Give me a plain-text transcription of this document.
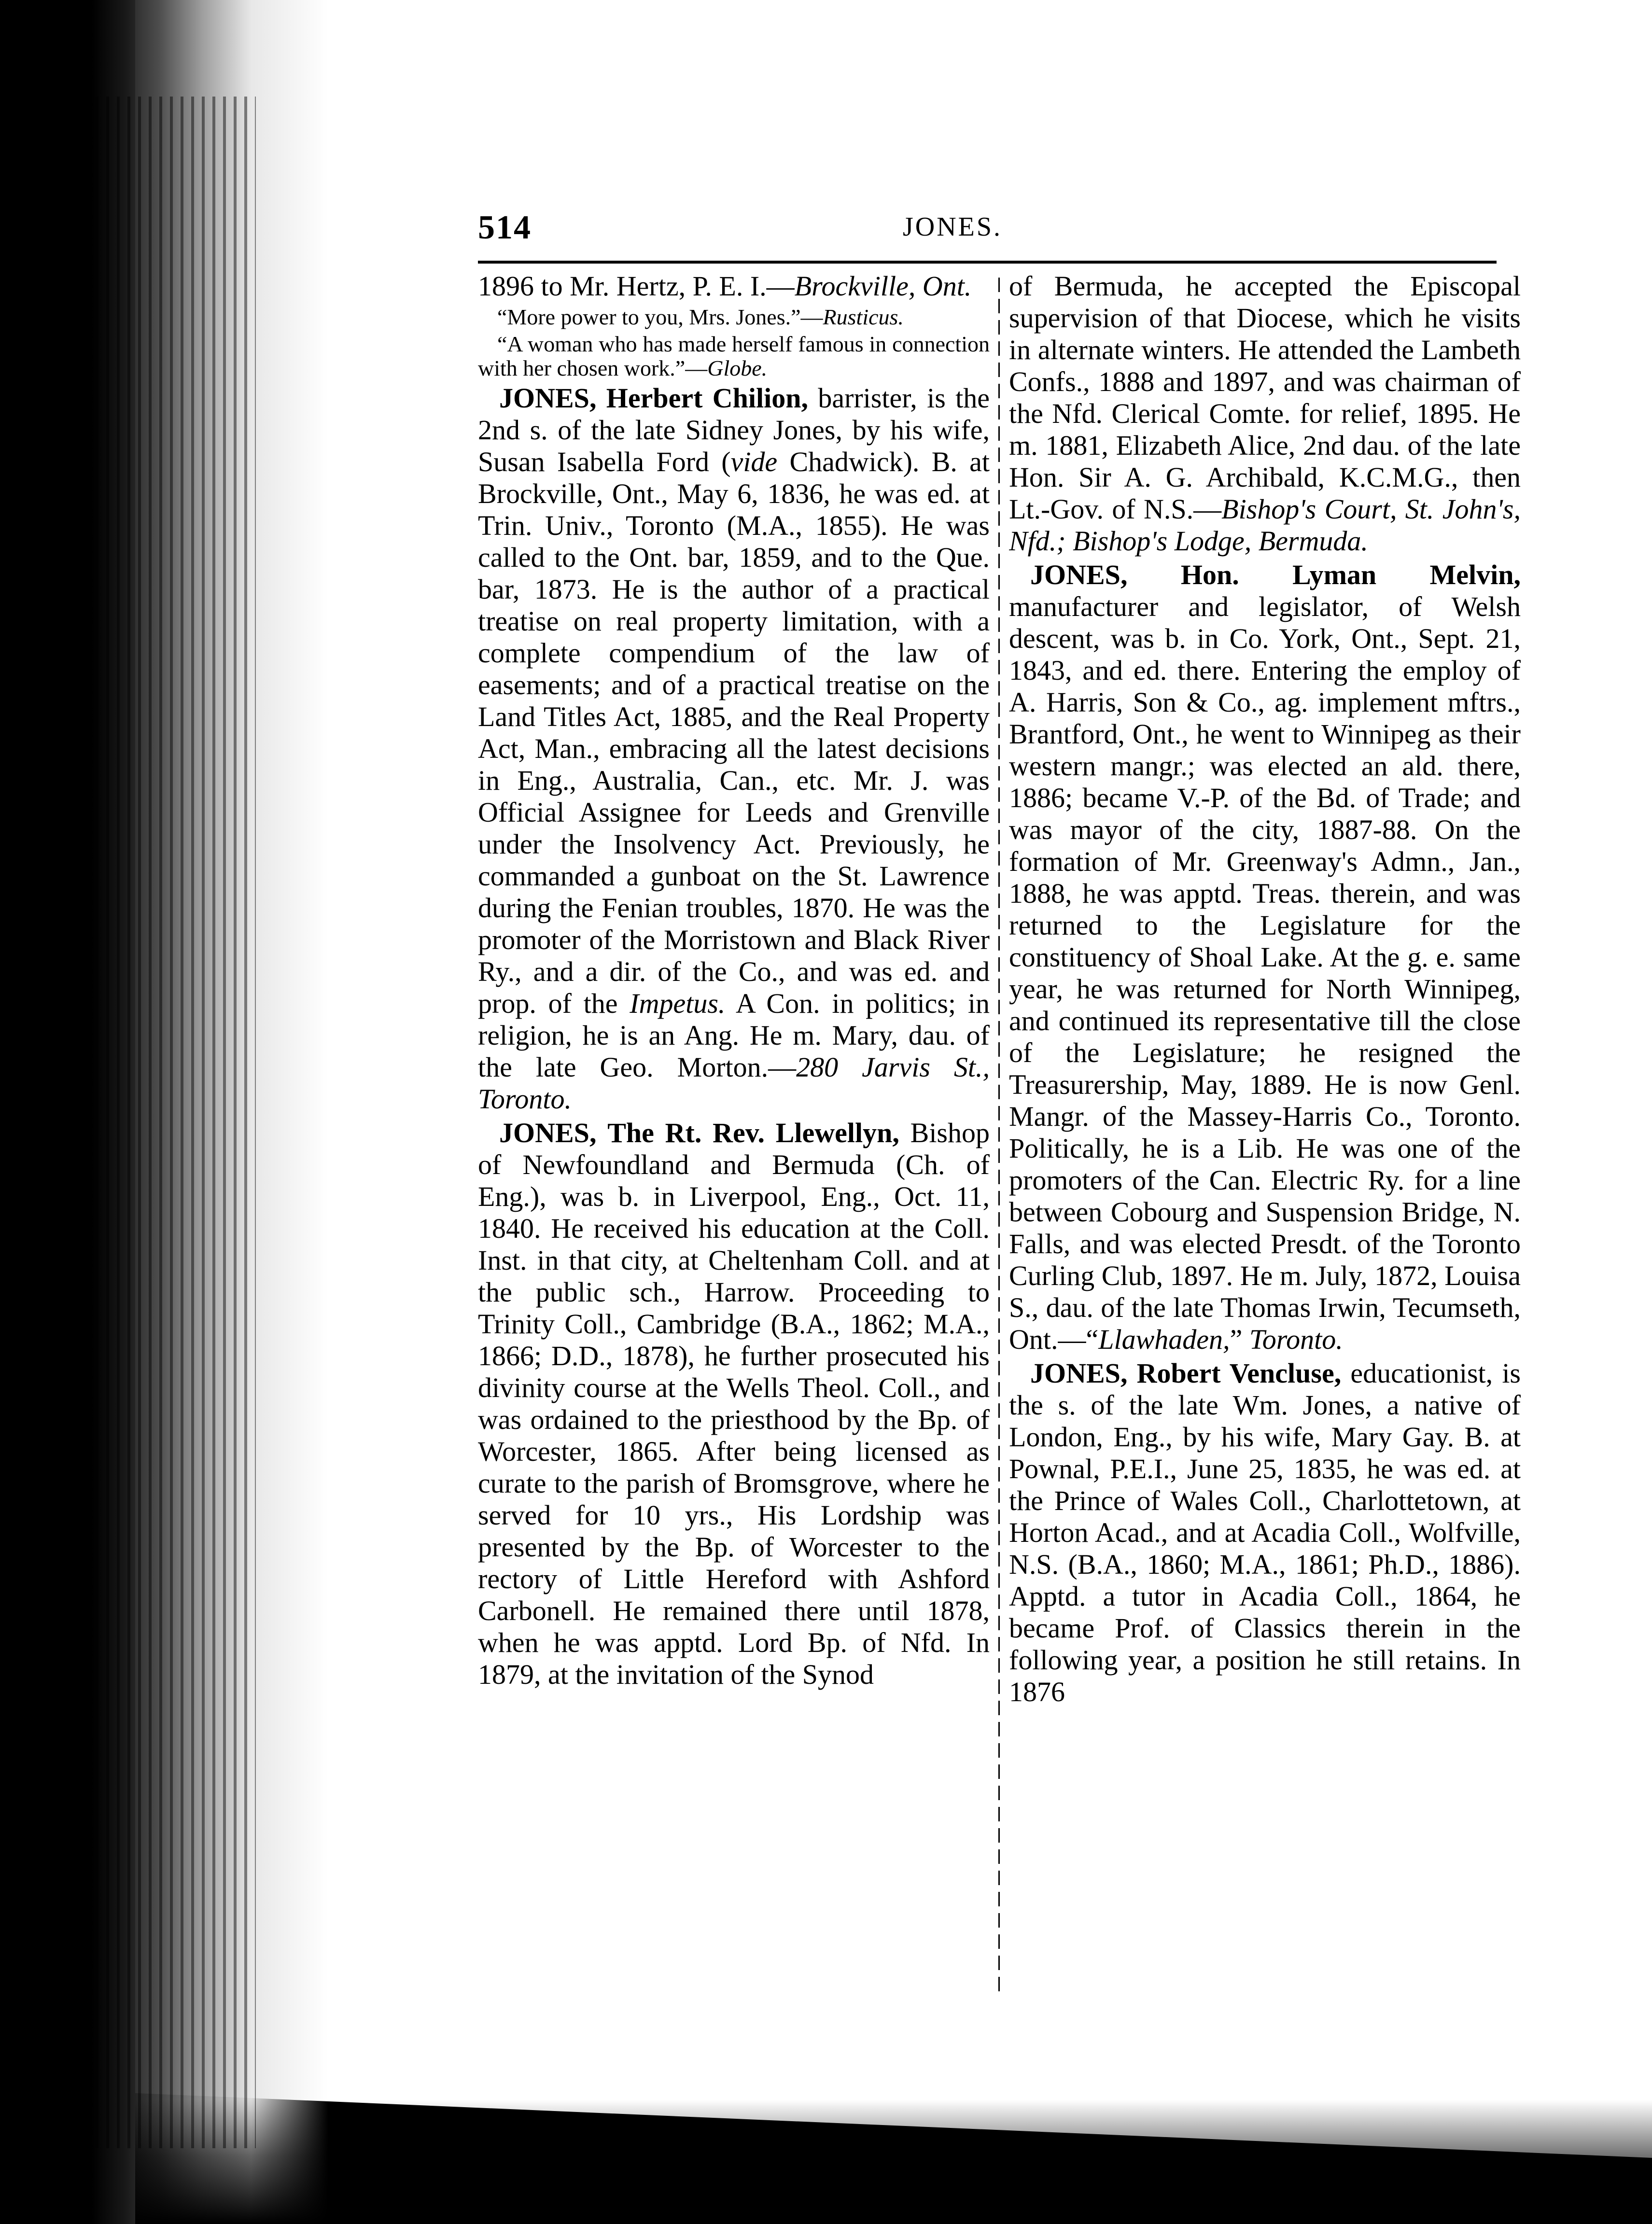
514	JONES.

1896 to Mr. Hertz, P. E. I.—Brockville, Ont.

“More power to you, Mrs. Jones.”—Rusticus.

“A woman who has made herself famous in connection with her chosen work.”—Globe.

JONES, Herbert Chilion, barrister, is the 2nd s. of the late Sidney Jones, by his wife, Susan Isabella Ford (vide Chadwick). B. at Brockville, Ont., May 6, 1836, he was ed. at Trin. Univ., Toronto (M.A., 1855). He was called to the Ont. bar, 1859, and to the Que. bar, 1873. He is the author of a practical treatise on real property limitation, with a complete compendium of the law of easements; and of a practical treatise on the Land Titles Act, 1885, and the Real Property Act, Man., embracing all the latest decisions in Eng., Australia, Can., etc. Mr. J. was Official Assignee for Leeds and Grenville under the Insolvency Act. Previously, he commanded a gunboat on the St. Lawrence during the Fenian troubles, 1870. He was the promoter of the Morristown and Black River Ry., and a dir. of the Co., and was ed. and prop. of the Impetus. A Con. in politics; in religion, he is an Ang. He m. Mary, dau. of the late Geo. Morton.—280 Jarvis St., Toronto.

JONES, The Rt. Rev. Llewellyn, Bishop of Newfoundland and Bermuda (Ch. of Eng.), was b. in Liverpool, Eng., Oct. 11, 1840. He received his education at the Coll. Inst. in that city, at Cheltenham Coll. and at the public sch., Harrow. Proceeding to Trinity Coll., Cambridge (B.A., 1862; M.A., 1866; D.D., 1878), he further prosecuted his divinity course at the Wells Theol. Coll., and was ordained to the priesthood by the Bp. of Worcester, 1865. After being licensed as curate to the parish of Bromsgrove, where he served for 10 yrs., His Lordship was presented by the Bp. of Worcester to the rectory of Little Hereford with Ashford Carbonell. He remained there until 1878, when he was apptd. Lord Bp. of Nfd. In 1879, at the invitation of the Synod

of Bermuda, he accepted the Episcopal supervision of that Diocese, which he visits in alternate winters. He attended the Lambeth Confs., 1888 and 1897, and was chairman of the Nfd. Clerical Comte. for relief, 1895. He m. 1881, Elizabeth Alice, 2nd dau. of the late Hon. Sir A. G. Archibald, K.C.M.G., then Lt.-Gov. of N.S.—Bishop's Court, St. John's, Nfd.; Bishop's Lodge, Bermuda.

JONES, Hon. Lyman Melvin, manufacturer and legislator, of Welsh descent, was b. in Co. York, Ont., Sept. 21, 1843, and ed. there. Entering the employ of A. Harris, Son & Co., ag. implement mftrs., Brantford, Ont., he went to Winnipeg as their western mangr.; was elected an ald. there, 1886; became V.-P. of the Bd. of Trade; and was mayor of the city, 1887-88. On the formation of Mr. Greenway's Admn., Jan., 1888, he was apptd. Treas. therein, and was returned to the Legislature for the constituency of Shoal Lake. At the g. e. same year, he was returned for North Winnipeg, and continued its representative till the close of the Legislature; he resigned the Treasurership, May, 1889. He is now Genl. Mangr. of the Massey-Harris Co., Toronto. Politically, he is a Lib. He was one of the promoters of the Can. Electric Ry. for a line between Cobourg and Suspension Bridge, N. Falls, and was elected Presdt. of the Toronto Curling Club, 1897. He m. July, 1872, Louisa S., dau. of the late Thomas Irwin, Tecumseth, Ont.—“Llawhaden,” Toronto.

JONES, Robert Vencluse, educationist, is the s. of the late Wm. Jones, a native of London, Eng., by his wife, Mary Gay. B. at Pownal, P.E.I., June 25, 1835, he was ed. at the Prince of Wales Coll., Charlottetown, at Horton Acad., and at Acadia Coll., Wolfville, N.S. (B.A., 1860; M.A., 1861; Ph.D., 1886). Apptd. a tutor in Acadia Coll., 1864, he became Prof. of Classics therein in the following year, a position he still retains. In 1876
